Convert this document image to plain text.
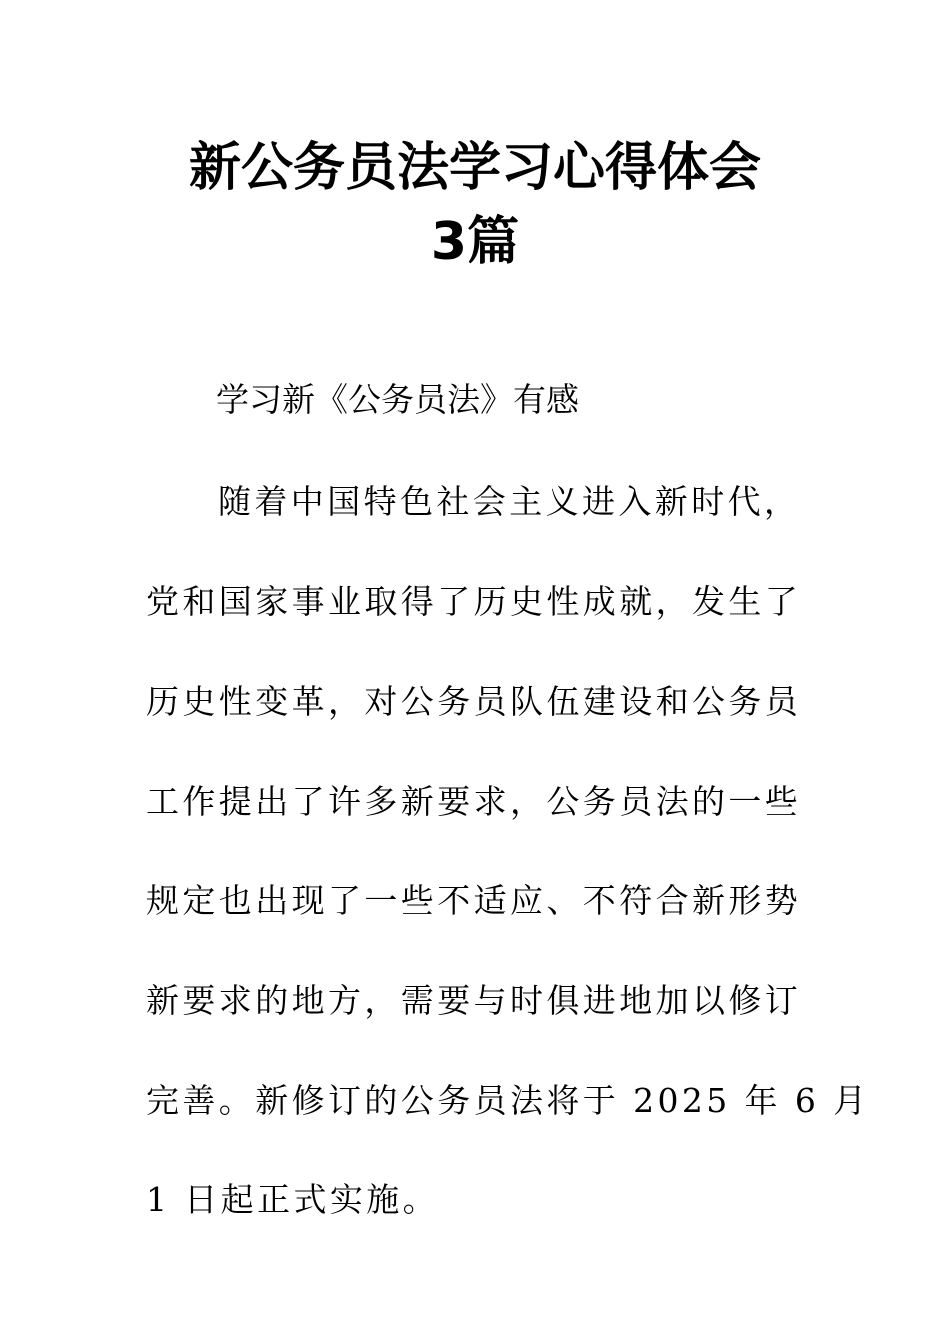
新公务员法学习心得体会
3篇
学习新《公务员法》有感
随着中国特色社会主义进入新时代，
党和国家事业取得了历史性成就，发生了
历史性变革，对公务员队伍建设和公务员
工作提出了许多新要求，公务员法的一些
规定也出现了一些不适应、不符合新形势
新要求的地方，需要与时俱进地加以修订
完善。新修订的公务员法将于 2025 年 6 月
1 日起正式实施。
